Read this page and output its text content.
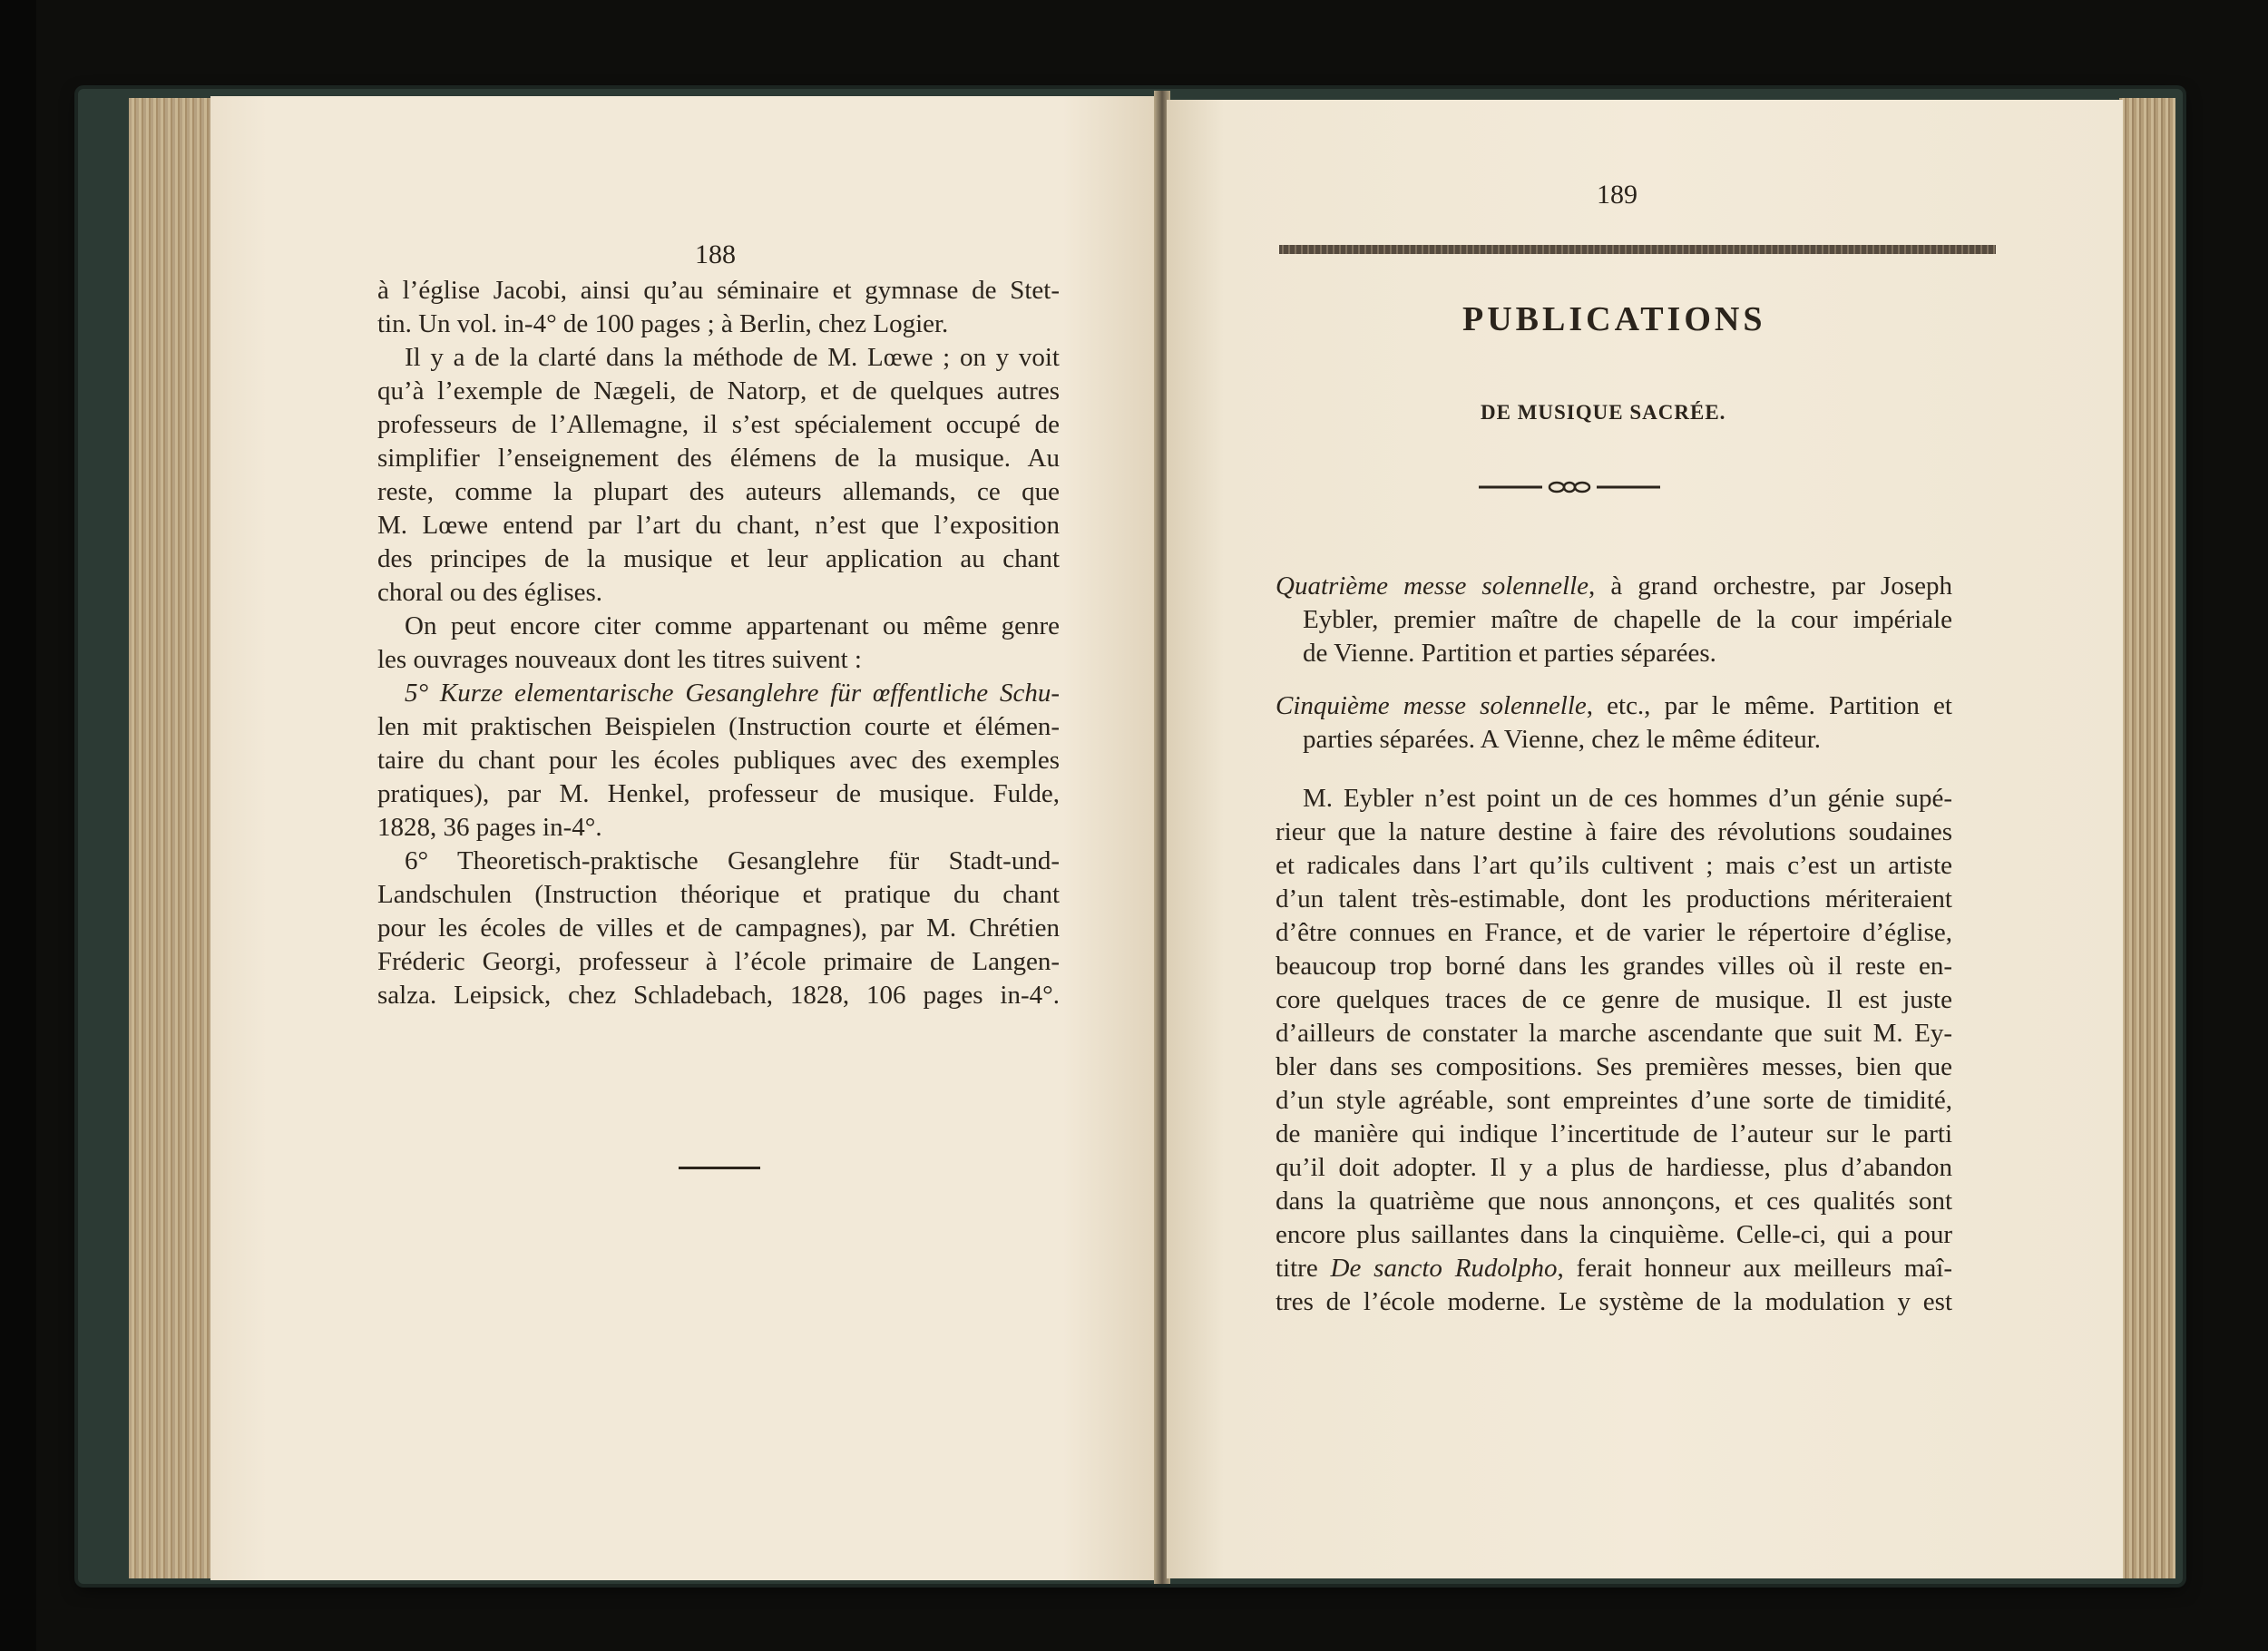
188
à l’église Jacobi, ainsi qu’au séminaire et gymnase de Stet-
tin. Un vol. in-4° de 100 pages ; à Berlin, chez Logier.
Il y a de la clarté dans la méthode de M. Lœwe ; on y voit
qu’à l’exemple de Nægeli, de Natorp, et de quelques autres
professeurs de l’Allemagne, il s’est spécialement occupé de
simplifier l’enseignement des élémens de la musique. Au
reste, comme la plupart des auteurs allemands, ce que
M. Lœwe entend par l’art du chant, n’est que l’exposition
des principes de la musique et leur application au chant
choral ou des églises.
On peut encore citer comme appartenant ou même genre
les ouvrages nouveaux dont les titres suivent :
5° Kurze elementarische Gesanglehre für œffentliche Schu-
len mit praktischen Beispielen (Instruction courte et élémen-
taire du chant pour les écoles publiques avec des exemples
pratiques), par M. Henkel, professeur de musique. Fulde,
1828, 36 pages in-4°.
6° Theoretisch-praktische Gesanglehre für Stadt-und-
Landschulen (Instruction théorique et pratique du chant
pour les écoles de villes et de campagnes), par M. Chrétien
Fréderic Georgi, professeur à l’école primaire de Langen-
salza. Leipsick, chez Schladebach, 1828, 106 pages in-4°.
189
PUBLICATIONS
DE MUSIQUE SACRÉE.
Quatrième messe solennelle, à grand orchestre, par Joseph
Eybler, premier maître de chapelle de la cour impériale
de Vienne. Partition et parties séparées.
Cinquième messe solennelle, etc., par le même. Partition et
parties séparées. A Vienne, chez le même éditeur.
M. Eybler n’est point un de ces hommes d’un génie supé-
rieur que la nature destine à faire des révolutions soudaines
et radicales dans l’art qu’ils cultivent ; mais c’est un artiste
d’un talent très-estimable, dont les productions mériteraient
d’être connues en France, et de varier le répertoire d’église,
beaucoup trop borné dans les grandes villes où il reste en-
core quelques traces de ce genre de musique. Il est juste
d’ailleurs de constater la marche ascendante que suit M. Ey-
bler dans ses compositions. Ses premières messes, bien que
d’un style agréable, sont empreintes d’une sorte de timidité,
de manière qui indique l’incertitude de l’auteur sur le parti
qu’il doit adopter. Il y a plus de hardiesse, plus d’abandon
dans la quatrième que nous annonçons, et ces qualités sont
encore plus saillantes dans la cinquième. Celle-ci, qui a pour
titre De sancto Rudolpho, ferait honneur aux meilleurs maî-
tres de l’école moderne. Le système de la modulation y est
